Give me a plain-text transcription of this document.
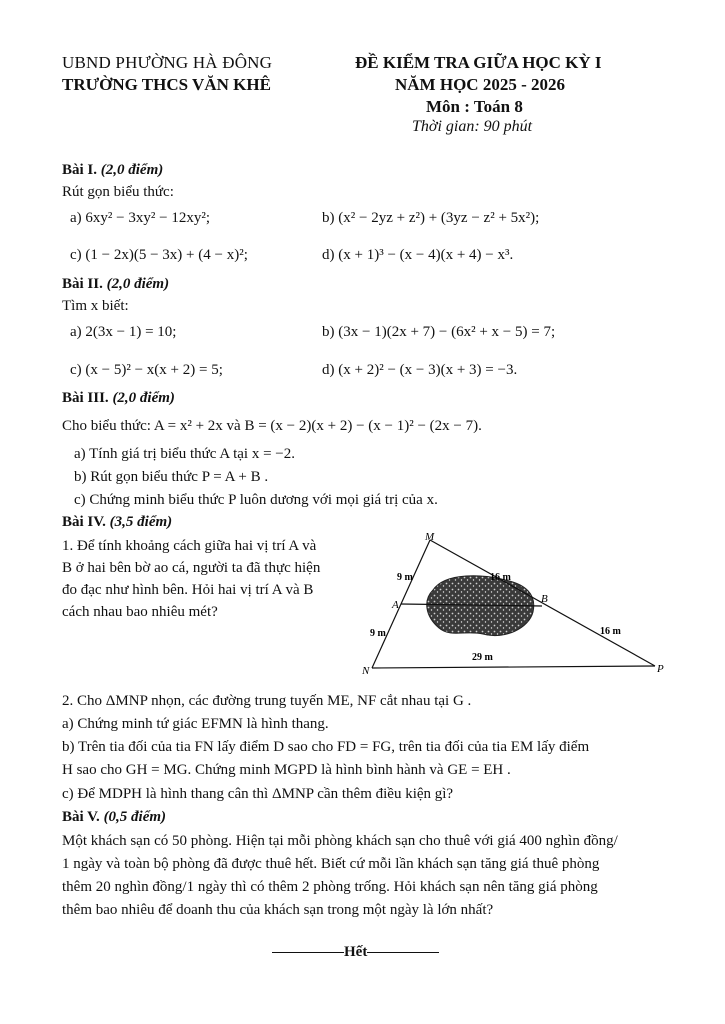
UBND PHƯỜNG HÀ ĐÔNG
TRƯỜNG THCS VĂN KHÊ
ĐỀ KIỂM TRA GIỮA HỌC KỲ I
NĂM HỌC 2025 - 2026
Môn : Toán 8
Thời gian: 90 phút
Bài I. (2,0 điểm)
Rút gọn biểu thức:
a) 6xy² − 3xy² − 12xy²;	b) (x² − 2yz + z²) + (3yz − z² + 5x²);
c) (1 − 2x)(5 − 3x) + (4 − x)²;	d) (x + 1)³ − (x − 4)(x + 4) − x³.
Bài II. (2,0 điểm)
Tìm x biết:
a) 2(3x − 1) = 10;	b) (3x − 1)(2x + 7) − (6x² + x − 5) = 7;
c) (x − 5)² − x(x + 2) = 5;	d) (x + 2)² − (x − 3)(x + 3) = −3.
Bài III. (2,0 điểm)
Cho biểu thức: A = x² + 2x và B = (x − 2)(x + 2) − (x − 1)² − (2x − 7).
a) Tính giá trị biểu thức A tại x = −2.
b) Rút gọn biểu thức P = A + B .
c) Chứng minh biểu thức P luôn dương với mọi giá trị của x.
Bài IV. (3,5 điểm)
1. Để tính khoảng cách giữa hai vị trí A và
B ở hai bên bờ ao cá, người ta đã thực hiện
đo đạc như hình bên. Hỏi hai vị trí A và B
cách nhau bao nhiêu mét?
M
A	B
N	P
9 m
9 m
16 m
16 m
29 m
2. Cho ΔMNP nhọn, các đường trung tuyến ME, NF cắt nhau tại G .
a) Chứng minh tứ giác EFMN là hình thang.
b) Trên tia đối của tia FN lấy điểm D sao cho FD = FG, trên tia đối của tia EM lấy điểm
H sao cho GH = MG. Chứng minh MGPD là hình bình hành và GE = EH .
c) Để MDPH là hình thang cân thì ΔMNP cần thêm điều kiện gì?
Bài V. (0,5 điểm)
Một khách sạn có 50 phòng. Hiện tại mỗi phòng khách sạn cho thuê với giá 400 nghìn đồng/
1 ngày và toàn bộ phòng đã được thuê hết. Biết cứ mỗi lần khách sạn tăng giá thuê phòng
thêm 20 nghìn đồng/1 ngày thì có thêm 2 phòng trống. Hỏi khách sạn nên tăng giá phòng
thêm bao nhiêu để doanh thu của khách sạn trong một ngày là lớn nhất?
Hết
